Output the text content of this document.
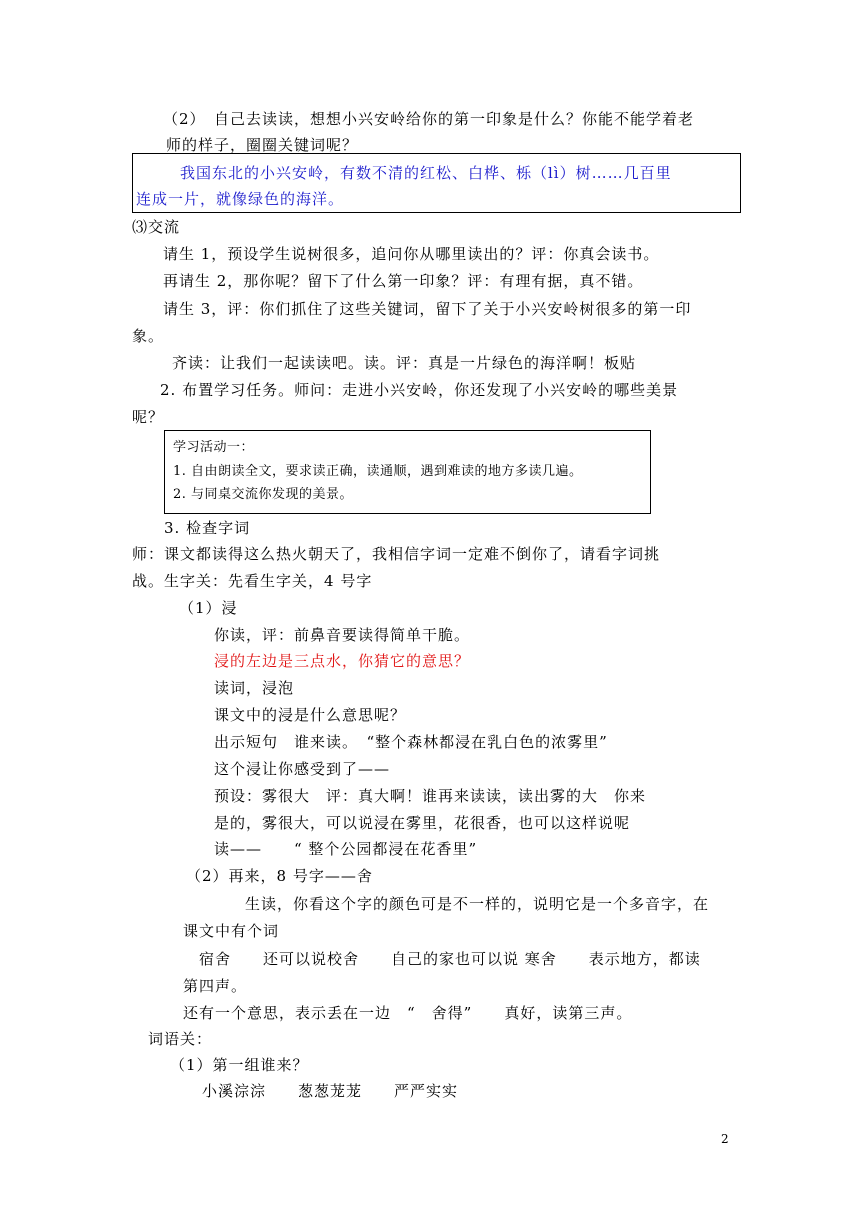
（2）　自己去读读，想想小兴安岭给你的第一印象是什么？你能不能学着老
师的样子，圈圈关键词呢？
我国东北的小兴安岭，有数不清的红松、白桦、栎（lì）树……几百里
连成一片，就像绿色的海洋。
⑶交流
请生 1，预设学生说树很多，追问你从哪里读出的？评：你真会读书。
再请生 2，那你呢？留下了什么第一印象？评：有理有据，真不错。
请生 3，评：你们抓住了这些关键词，留下了关于小兴安岭树很多的第一印
象。
齐读：让我们一起读读吧。读。评：真是一片绿色的海洋啊！板贴
2. 布置学习任务。师问：走进小兴安岭，你还发现了小兴安岭的哪些美景
呢？
学习活动一：
1. 自由朗读全文，要求读正确，读通顺，遇到难读的地方多读几遍。
2. 与同桌交流你发现的美景。
3. 检查字词
师：课文都读得这么热火朝天了，我相信字词一定难不倒你了，请看字词挑
战。生字关：先看生字关，4 号字
（1）浸
你读，评：前鼻音要读得简单干脆。
浸的左边是三点水，你猜它的意思？
读词，浸泡
课文中的浸是什么意思呢？
出示短句　谁来读。　“整个森林都浸在乳白色的浓雾里”
这个浸让你感受到了——
预设：雾很大　评：真大啊！谁再来读读，读出雾的大　你来
是的，雾很大，可以说浸在雾里，花很香，也可以这样说呢
读——　　“ 整个公园都浸在花香里”
（2）再来，8 号字——舍
生读，你看这个字的颜色可是不一样的，说明它是一个多音字，在
课文中有个词
宿舍　　还可以说校舍　　自己的家也可以说 寒舍　　表示地方，都读
第四声。
还有一个意思，表示丢在一边　“　舍得”　　真好，读第三声。
词语关：
（1）第一组谁来？
小溪淙淙　　葱葱茏茏　　严严实实
2
